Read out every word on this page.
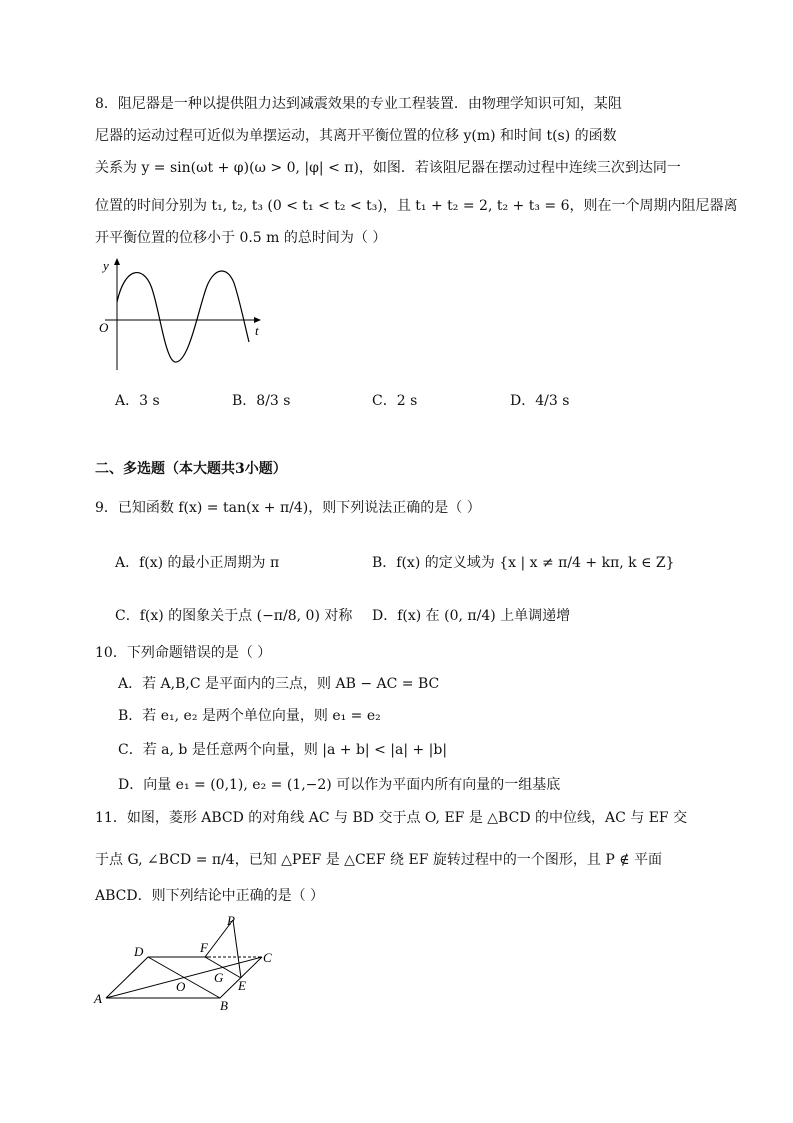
8．阻尼器是一种以提供阻力达到减震效果的专业工程装置．由物理学知识可知，某阻
尼器的运动过程可近似为单摆运动，其离开平衡位置的位移 y(m) 和时间 t(s) 的函数
关系为 y = sin(ωt + φ)(ω > 0, |φ| < π)，如图．若该阻尼器在摆动过程中连续三次到达同一
位置的时间分别为 t₁, t₂, t₃ (0 < t₁ < t₂ < t₃)，且 t₁ + t₂ = 2, t₂ + t₃ = 6，则在一个周期内阻尼器离
开平衡位置的位移小于 0.5 m 的总时间为（ ）
y
t
O
A．3 s	B．8/3 s	C．2 s	D．4/3 s
二、多选题（本大题共3小题）
9．已知函数 f(x) = tan(x + π/4)，则下列说法正确的是（ ）
A．f(x) 的最小正周期为 π	B．f(x) 的定义域为 {x | x ≠ π/4 + kπ, k ∈ Z}
C．f(x) 的图象关于点 (−π/8, 0) 对称 D．f(x) 在 (0, π/4) 上单调递增
10．下列命题错误的是（ ）
A．若 A,B,C 是平面内的三点，则 AB − AC = BC
B．若 e₁, e₂ 是两个单位向量，则 e₁ = e₂
C．若 a, b 是任意两个向量，则 |a + b| < |a| + |b|
D．向量 e₁ = (0,1), e₂ = (1,−2) 可以作为平面内所有向量的一组基底
11．如图，菱形 ABCD 的对角线 AC 与 BD 交于点 O, EF 是 △BCD 的中位线，AC 与 EF 交
于点 G, ∠BCD = π/4，已知 △PEF 是 △CEF 绕 EF 旋转过程中的一个图形，且 P ∉ 平面
ABCD．则下列结论中正确的是（ ）
P
D	F
C
G
E
O
A	B
